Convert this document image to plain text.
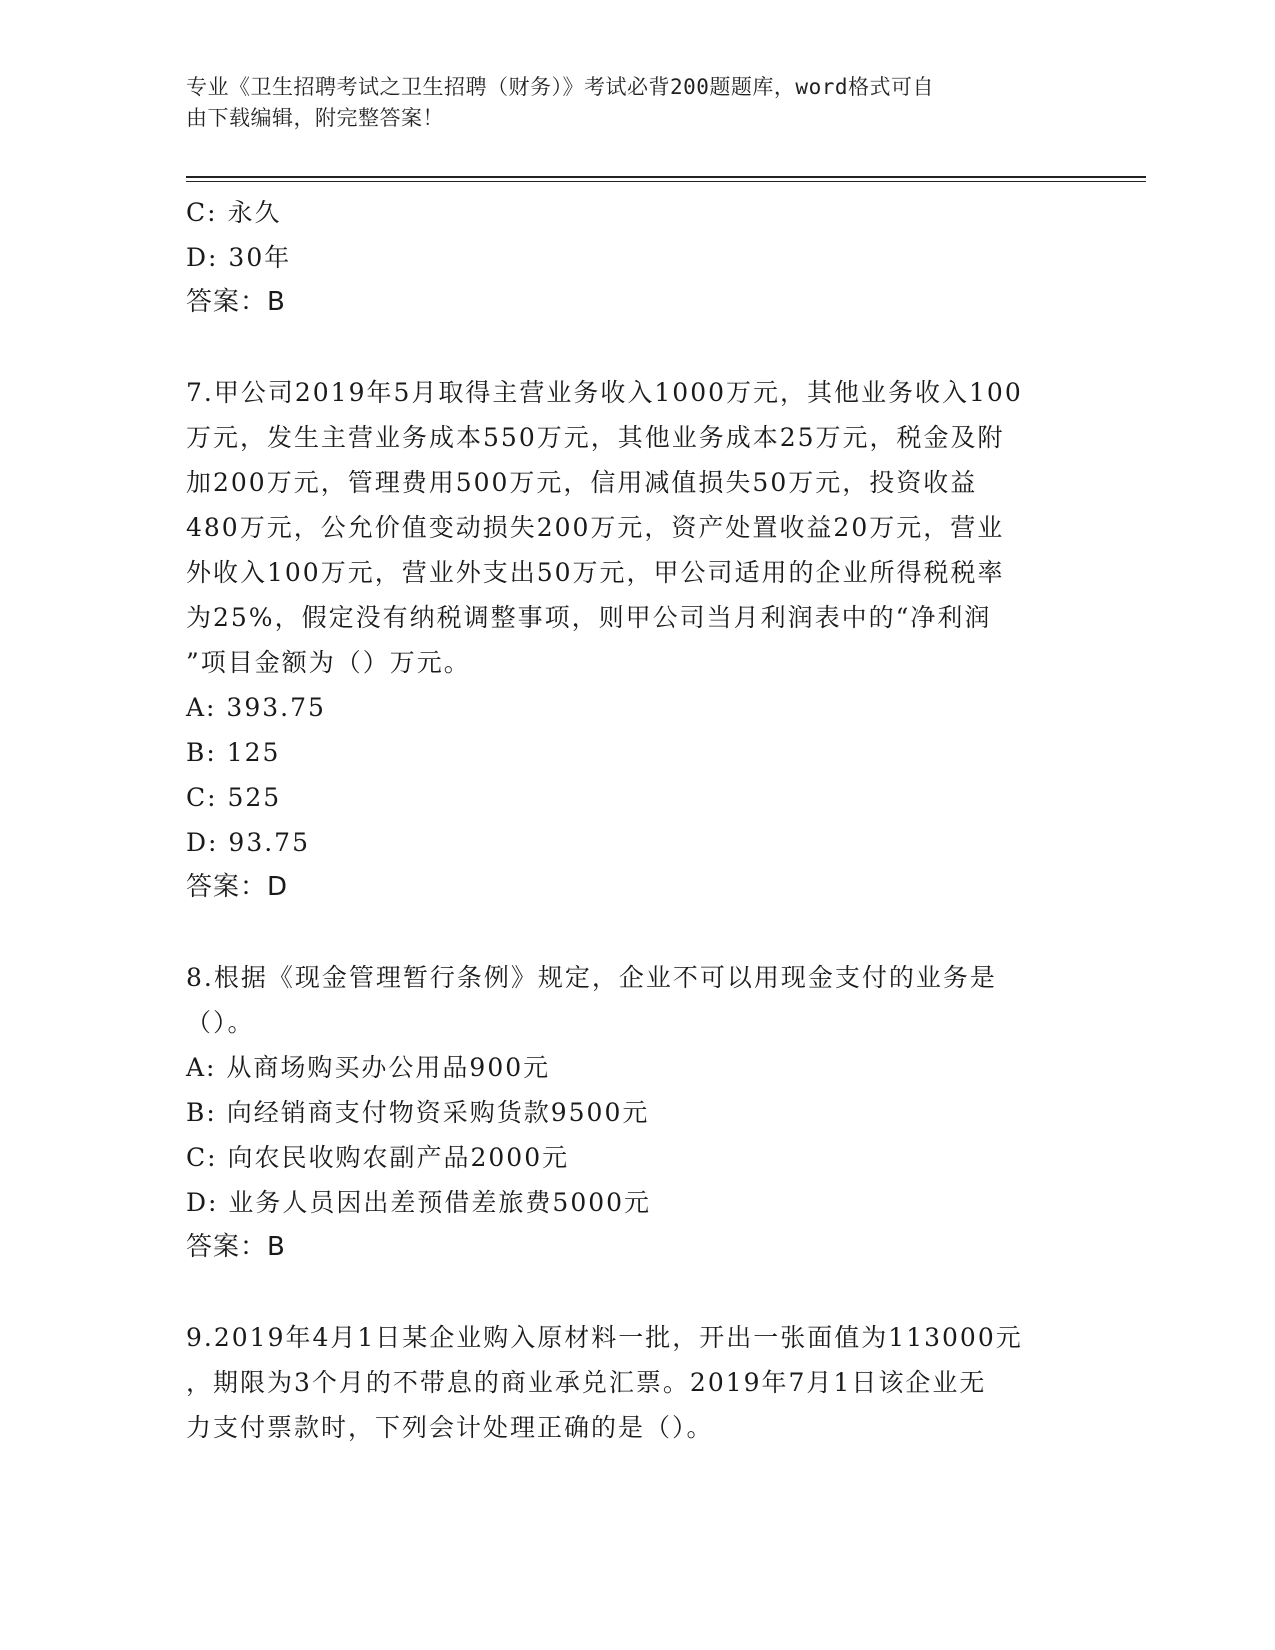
专业《卫生招聘考试之卫生招聘（财务）》考试必背200题题库，word格式可自
由下载编辑，附完整答案！
C: 永久
D: 30年
答案：B
7.甲公司2019年5月取得主营业务收入1000万元，其他业务收入100
万元，发生主营业务成本550万元，其他业务成本25万元，税金及附
加200万元，管理费用500万元，信用减值损失50万元，投资收益
480万元，公允价值变动损失200万元，资产处置收益20万元，营业
外收入100万元，营业外支出50万元，甲公司适用的企业所得税税率
为25%，假定没有纳税调整事项，则甲公司当月利润表中的“净利润
”项目金额为（）万元。
A: 393.75
B: 125
C: 525
D: 93.75
答案：D
8.根据《现金管理暂行条例》规定，企业不可以用现金支付的业务是
（）。
A: 从商场购买办公用品900元
B: 向经销商支付物资采购货款9500元
C: 向农民收购农副产品2000元
D: 业务人员因出差预借差旅费5000元
答案：B
9.2019年4月1日某企业购入原材料一批，开出一张面值为113000元
，期限为3个月的不带息的商业承兑汇票。2019年7月1日该企业无
力支付票款时，下列会计处理正确的是（）。
